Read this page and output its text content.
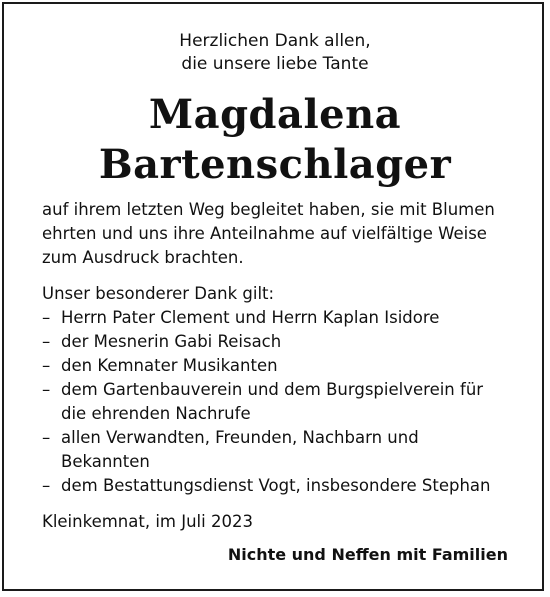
Herzlichen Dank allen,
die unsere liebe Tante
Magdalena
Bartenschlager
auf ihrem letzten Weg begleitet haben, sie mit Blumen
ehrten und uns ihre Anteilnahme auf vielfältige Weise
zum Ausdruck brachten.
Unser besonderer Dank gilt:
– Herrn Pater Clement und Herrn Kaplan Isidore
– der Mesnerin Gabi Reisach
– den Kemnater Musikanten
– dem Gartenbauverein und dem Burgspielverein für
die ehrenden Nachrufe
– allen Verwandten, Freunden, Nachbarn und
Bekannten
– dem Bestattungsdienst Vogt, insbesondere Stephan
Kleinkemnat, im Juli 2023
Nichte und Neffen mit Familien
